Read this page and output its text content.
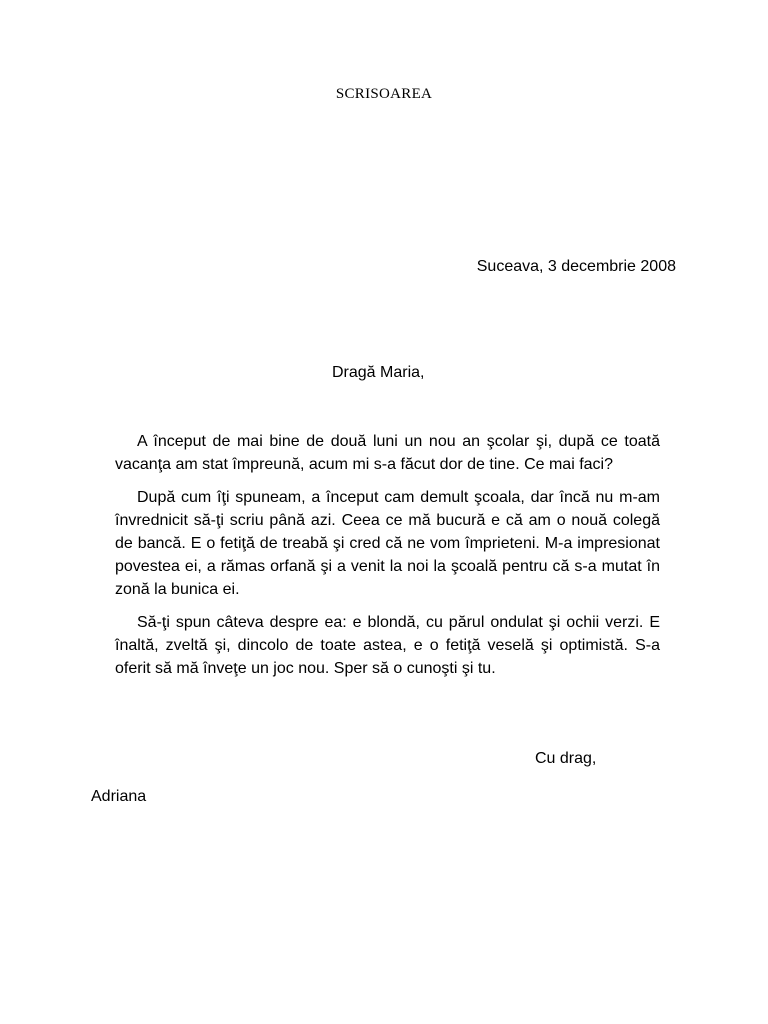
SCRISOAREA
Suceava, 3 decembrie 2008
Dragă Maria,

A început de mai bine de două luni un nou an şcolar şi, după ce toată vacanţa am stat împreună, acum mi s-a făcut dor de tine. Ce mai faci?

După cum îţi spuneam, a început cam demult şcoala, dar încă nu m-am învrednicit să-ţi scriu până azi. Ceea ce mă bucură e că am o nouă colegă de bancă. E o fetiţă de treabă şi cred că ne vom împrieteni. M-a impresionat povestea ei, a rămas orfană şi a venit la noi la şcoală pentru că s-a mutat în zonă la bunica ei.

Să-ţi spun câteva despre ea: e blondă, cu părul ondulat şi ochii verzi. E înaltă, zveltă şi, dincolo de toate astea, e o fetiţă veselă şi optimistă. S-a oferit să mă înveţe un joc nou. Sper să o cunoşti şi tu.

Cu drag,
Adriana
